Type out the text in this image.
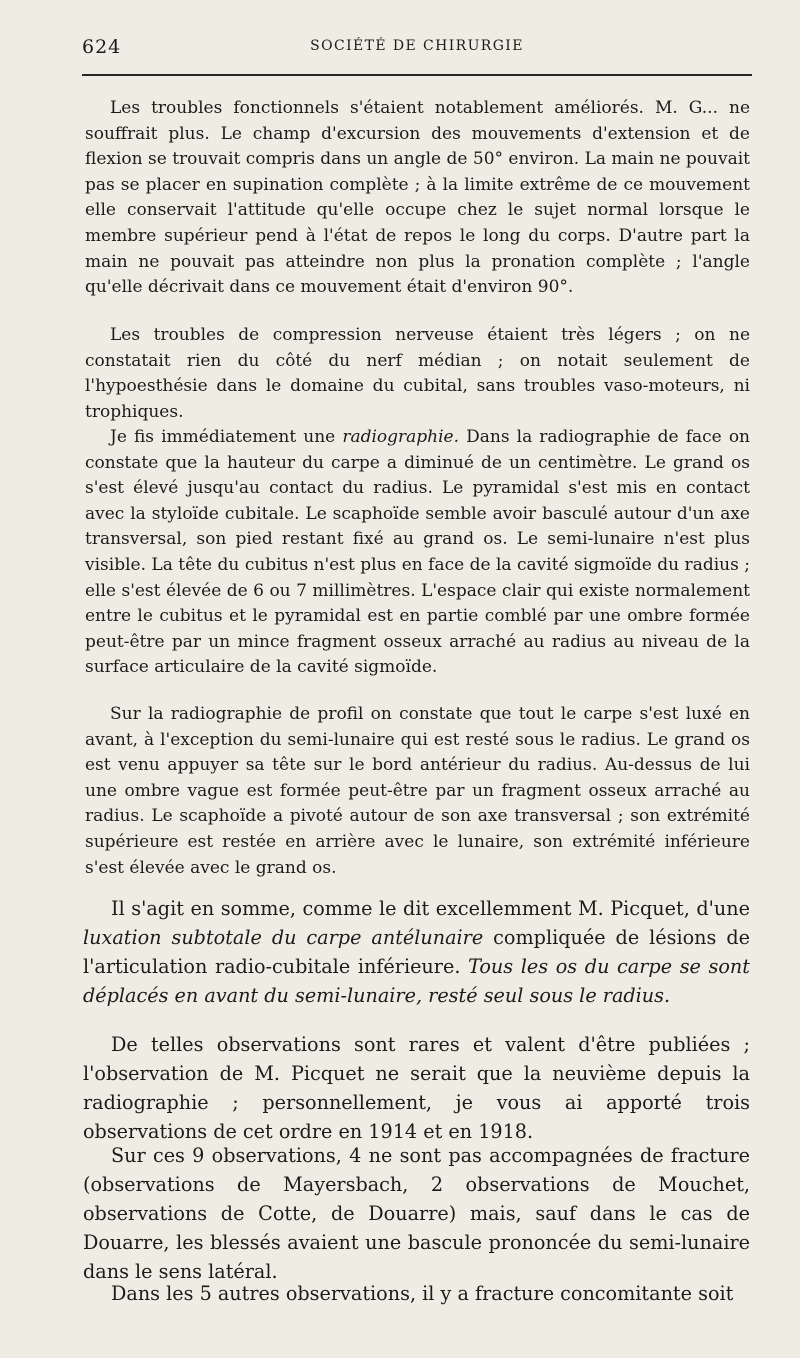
624	SOCIÉTÉ DE CHIRURGIE

Les troubles fonctionnels s'étaient notablement améliorés. M. G... ne souffrait plus. Le champ d'excursion des mouvements d'extension et de flexion se trouvait compris dans un angle de 50° environ. La main ne pouvait pas se placer en supination complète ; à la limite extrême de ce mouvement elle conservait l'attitude qu'elle occupe chez le sujet normal lorsque le membre supérieur pend à l'état de repos le long du corps. D'autre part la main ne pouvait pas atteindre non plus la pronation complète ; l'angle qu'elle décrivait dans ce mouvement était d'environ 90°.

Les troubles de compression nerveuse étaient très légers ; on ne constatait rien du côté du nerf médian ; on notait seulement de l'hypoesthésie dans le domaine du cubital, sans troubles vaso-moteurs, ni trophiques.

Je fis immédiatement une radiographie. Dans la radiographie de face on constate que la hauteur du carpe a diminué de un centimètre. Le grand os s'est élevé jusqu'au contact du radius. Le pyramidal s'est mis en contact avec la styloïde cubitale. Le scaphoïde semble avoir basculé autour d'un axe transversal, son pied restant fixé au grand os. Le semi-lunaire n'est plus visible. La tête du cubitus n'est plus en face de la cavité sigmoïde du radius ; elle s'est élevée de 6 ou 7 millimètres. L'espace clair qui existe normalement entre le cubitus et le pyramidal est en partie comblé par une ombre formée peut-être par un mince fragment osseux arraché au radius au niveau de la surface articulaire de la cavité sigmoïde.

Sur la radiographie de profil on constate que tout le carpe s'est luxé en avant, à l'exception du semi-lunaire qui est resté sous le radius. Le grand os est venu appuyer sa tête sur le bord antérieur du radius. Au-dessus de lui une ombre vague est formée peut-être par un fragment osseux arraché au radius. Le scaphoïde a pivoté autour de son axe transversal ; son extrémité supérieure est restée en arrière avec le lunaire, son extrémité inférieure s'est élevée avec le grand os.

Il s'agit en somme, comme le dit excellemment M. Picquet, d'une luxation subtotale du carpe antélunaire compliquée de lésions de l'articulation radio-cubitale inférieure. Tous les os du carpe se sont déplacés en avant du semi-lunaire, resté seul sous le radius.

De telles observations sont rares et valent d'être publiées ; l'observation de M. Picquet ne serait que la neuvième depuis la radiographie ; personnellement, je vous ai apporté trois observations de cet ordre en 1914 et en 1918.

Sur ces 9 observations, 4 ne sont pas accompagnées de fracture (observations de Mayersbach, 2 observations de Mouchet, observations de Cotte, de Douarre) mais, sauf dans le cas de Douarre, les blessés avaient une bascule prononcée du semi-lunaire dans le sens latéral.

Dans les 5 autres observations, il y a fracture concomitante soit
